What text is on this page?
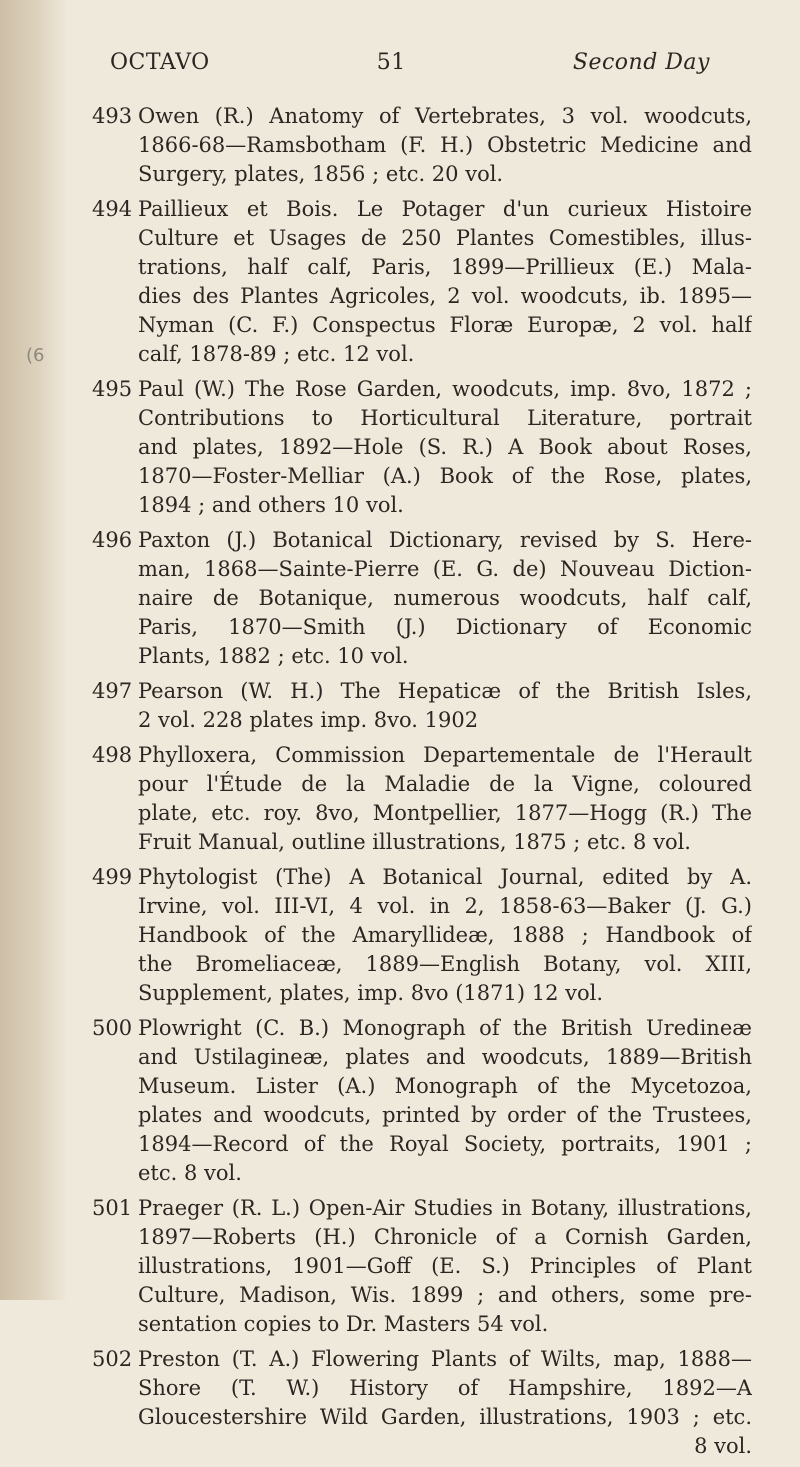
OCTAVO	51	Second Day
(6
493 Owen (R.) Anatomy of Vertebrates, 3 vol. woodcuts,
1866-68—Ramsbotham (F. H.) Obstetric Medicine and
Surgery, plates, 1856 ; etc. 20 vol.
494 Paillieux et Bois. Le Potager d'un curieux Histoire
Culture et Usages de 250 Plantes Comestibles, illus-
trations, half calf, Paris, 1899—Prillieux (E.) Mala-
dies des Plantes Agricoles, 2 vol. woodcuts, ib. 1895—
Nyman (C. F.) Conspectus Floræ Europæ, 2 vol. half
calf, 1878-89 ; etc. 12 vol.
495 Paul (W.) The Rose Garden, woodcuts, imp. 8vo, 1872 ;
Contributions to Horticultural Literature, portrait
and plates, 1892—Hole (S. R.) A Book about Roses,
1870—Foster-Melliar (A.) Book of the Rose, plates,
1894 ; and others 10 vol.
496 Paxton (J.) Botanical Dictionary, revised by S. Here-
man, 1868—Sainte-Pierre (E. G. de) Nouveau Diction-
naire de Botanique, numerous woodcuts, half calf,
Paris, 1870—Smith (J.) Dictionary of Economic
Plants, 1882 ; etc. 10 vol.
497 Pearson (W. H.) The Hepaticæ of the British Isles,
2 vol. 228 plates imp. 8vo. 1902
498 Phylloxera, Commission Departementale de l'Herault
pour l'Étude de la Maladie de la Vigne, coloured
plate, etc. roy. 8vo, Montpellier, 1877—Hogg (R.) The
Fruit Manual, outline illustrations, 1875 ; etc. 8 vol.
499 Phytologist (The) A Botanical Journal, edited by A.
Irvine, vol. III-VI, 4 vol. in 2, 1858-63—Baker (J. G.)
Handbook of the Amaryllideæ, 1888 ; Handbook of
the Bromeliaceæ, 1889—English Botany, vol. XIII,
Supplement, plates, imp. 8vo (1871) 12 vol.
500 Plowright (C. B.) Monograph of the British Uredineæ
and Ustilagineæ, plates and woodcuts, 1889—British
Museum. Lister (A.) Monograph of the Mycetozoa,
plates and woodcuts, printed by order of the Trustees,
1894—Record of the Royal Society, portraits, 1901 ;
etc. 8 vol.
501 Praeger (R. L.) Open-Air Studies in Botany, illustrations,
1897—Roberts (H.) Chronicle of a Cornish Garden,
illustrations, 1901—Goff (E. S.) Principles of Plant
Culture, Madison, Wis. 1899 ; and others, some pre-
sentation copies to Dr. Masters 54 vol.
502 Preston (T. A.) Flowering Plants of Wilts, map, 1888—
Shore (T. W.) History of Hampshire, 1892—A
Gloucestershire Wild Garden, illustrations, 1903 ; etc.
8 vol.
